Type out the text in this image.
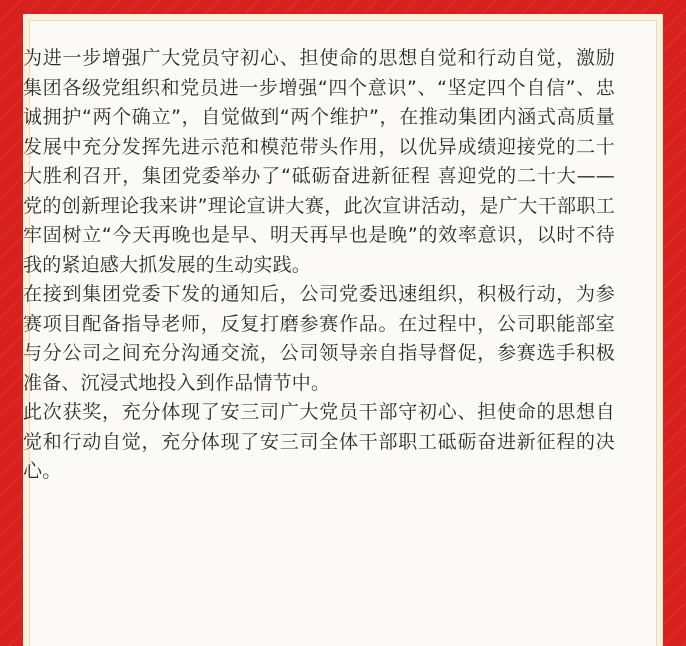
为进一步增强广大党员守初心、担使命的思想自觉和行动自觉，激励集团各级党组织和党员进一步增强“四个意识”、“坚定四个自信”、忠诚拥护“两个确立”，自觉做到“两个维护”，在推动集团内涵式高质量发展中充分发挥先进示范和模范带头作用，以优异成绩迎接党的二十大胜利召开，集团党委举办了“砥砺奋进新征程 喜迎党的二十大——党的创新理论我来讲”理论宣讲大赛，此次宣讲活动，是广大干部职工牢固树立“今天再晚也是早、明天再早也是晚”的效率意识，以时不待我的紧迫感大抓发展的生动实践。

在接到集团党委下发的通知后，公司党委迅速组织，积极行动，为参赛项目配备指导老师，反复打磨参赛作品。在过程中，公司职能部室与分公司之间充分沟通交流，公司领导亲自指导督促，参赛选手积极准备、沉浸式地投入到作品情节中。

此次获奖，充分体现了安三司广大党员干部守初心、担使命的思想自觉和行动自觉，充分体现了安三司全体干部职工砥砺奋进新征程的决心。
